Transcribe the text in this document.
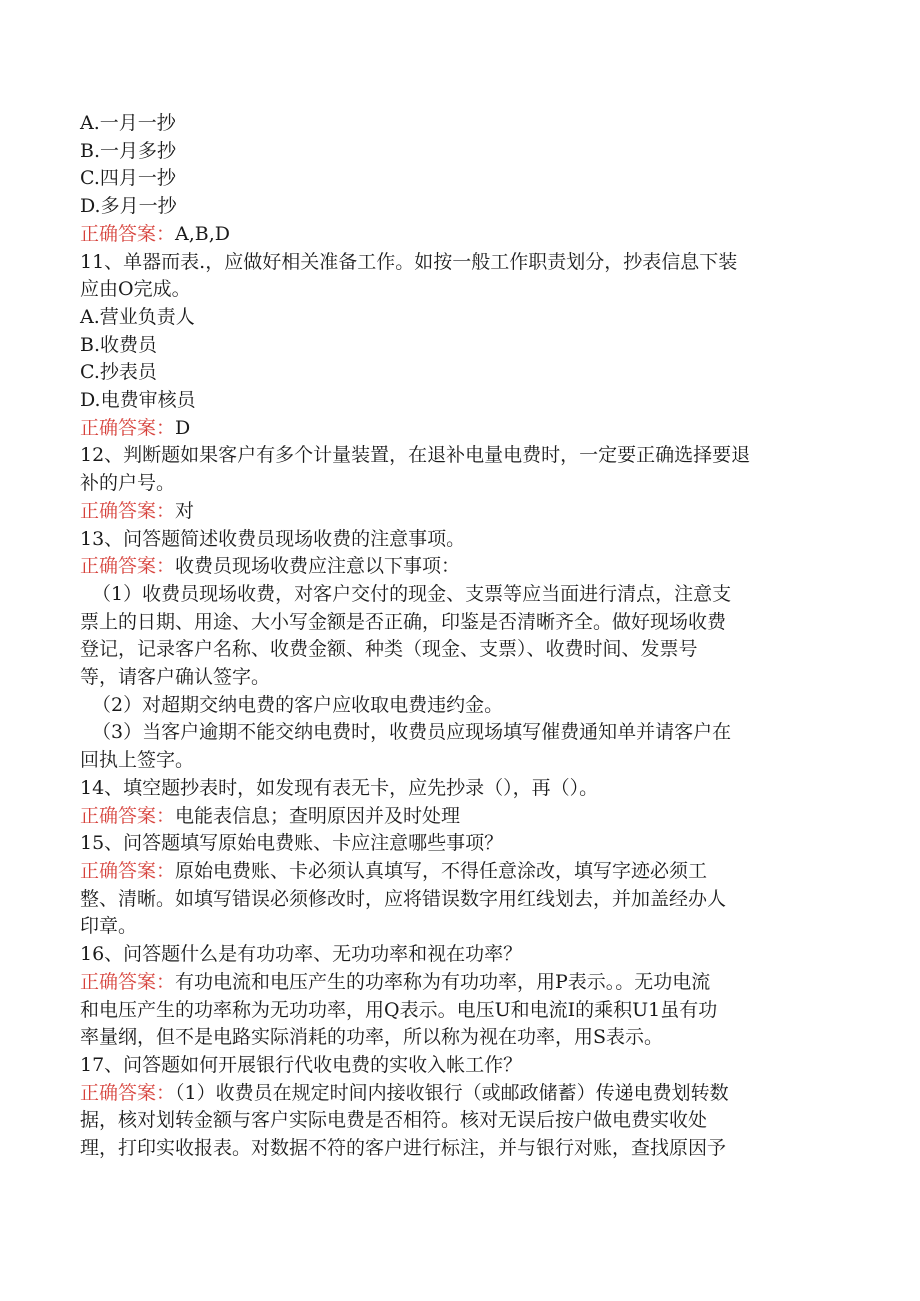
A.一月一抄
B.一月多抄
C.四月一抄
D.多月一抄
正确答案：A,B,D
11、单器而表.，应做好相关准备工作。如按一般工作职责划分，抄表信息下装
应由O完成。
A.营业负责人
B.收费员
C.抄表员
D.电费审核员
正确答案：D
12、判断题如果客户有多个计量装置，在退补电量电费时，一定要正确选择要退
补的户号。
正确答案：对
13、问答题简述收费员现场收费的注意事项。
正确答案：收费员现场收费应注意以下事项：
（1）收费员现场收费，对客户交付的现金、支票等应当面进行清点，注意支
票上的日期、用途、大小写金额是否正确，印鉴是否清晰齐全。做好现场收费
登记，记录客户名称、收费金额、种类（现金、支票）、收费时间、发票号
等，请客户确认签字。
（2）对超期交纳电费的客户应收取电费违约金。
（3）当客户逾期不能交纳电费时，收费员应现场填写催费通知单并请客户在
回执上签字。
14、填空题抄表时，如发现有表无卡，应先抄录（），再（）。
正确答案：电能表信息；查明原因并及时处理
15、问答题填写原始电费账、卡应注意哪些事项？
正确答案：原始电费账、卡必须认真填写，不得任意涂改，填写字迹必须工
整、清晰。如填写错误必须修改时，应将错误数字用红线划去，并加盖经办人
印章。
16、问答题什么是有功功率、无功功率和视在功率？
正确答案：有功电流和电压产生的功率称为有功功率，用P表示。。无功电流
和电压产生的功率称为无功功率，用Q表示。电压U和电流I的乘积U1虽有功
率量纲，但不是电路实际消耗的功率，所以称为视在功率，用S表示。
17、问答题如何开展银行代收电费的实收入帐工作？
正确答案：（1）收费员在规定时间内接收银行（或邮政储蓄）传递电费划转数
据，核对划转金额与客户实际电费是否相符。核对无误后按户做电费实收处
理，打印实收报表。对数据不符的客户进行标注，并与银行对账，查找原因予
